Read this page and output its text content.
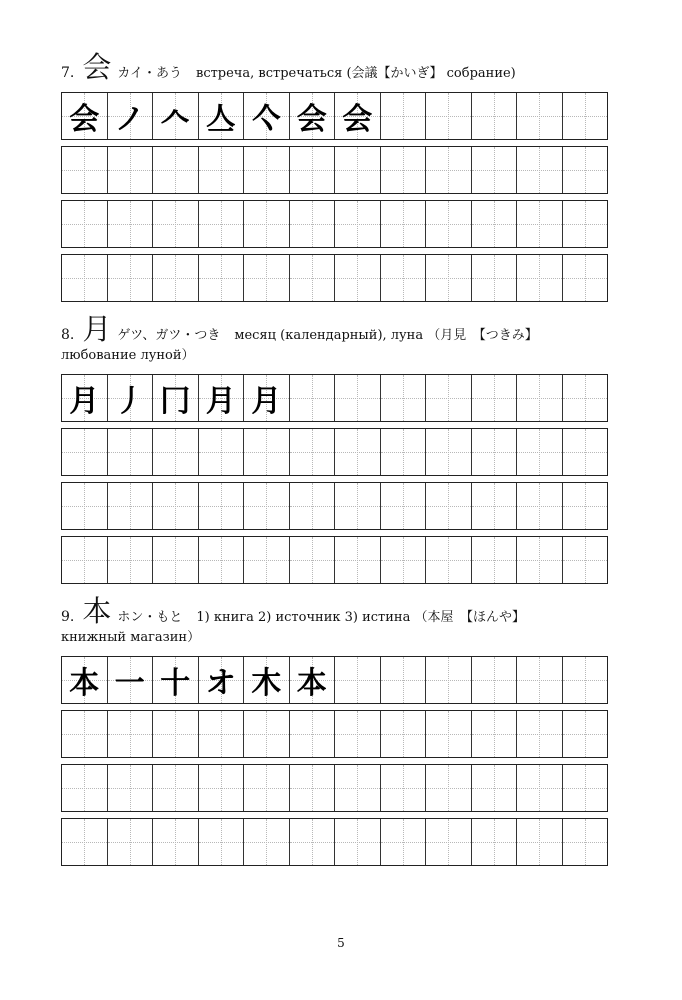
7. 会 カイ・あう встреча, встречаться (会議【かいぎ】 собрание)
会 ノ 𠆢 亼 亽 会 会
8. 月 ゲツ、ガツ・つき месяц (календарный), луна （月見　【つきみ】
любование луной）
月 丿 冂 月 月
9. 本 ホン・もと 1) книга 2) источник 3) истина （本屋　【ほんや】
книжный магазин）
本 一 十 オ 木 本
5
